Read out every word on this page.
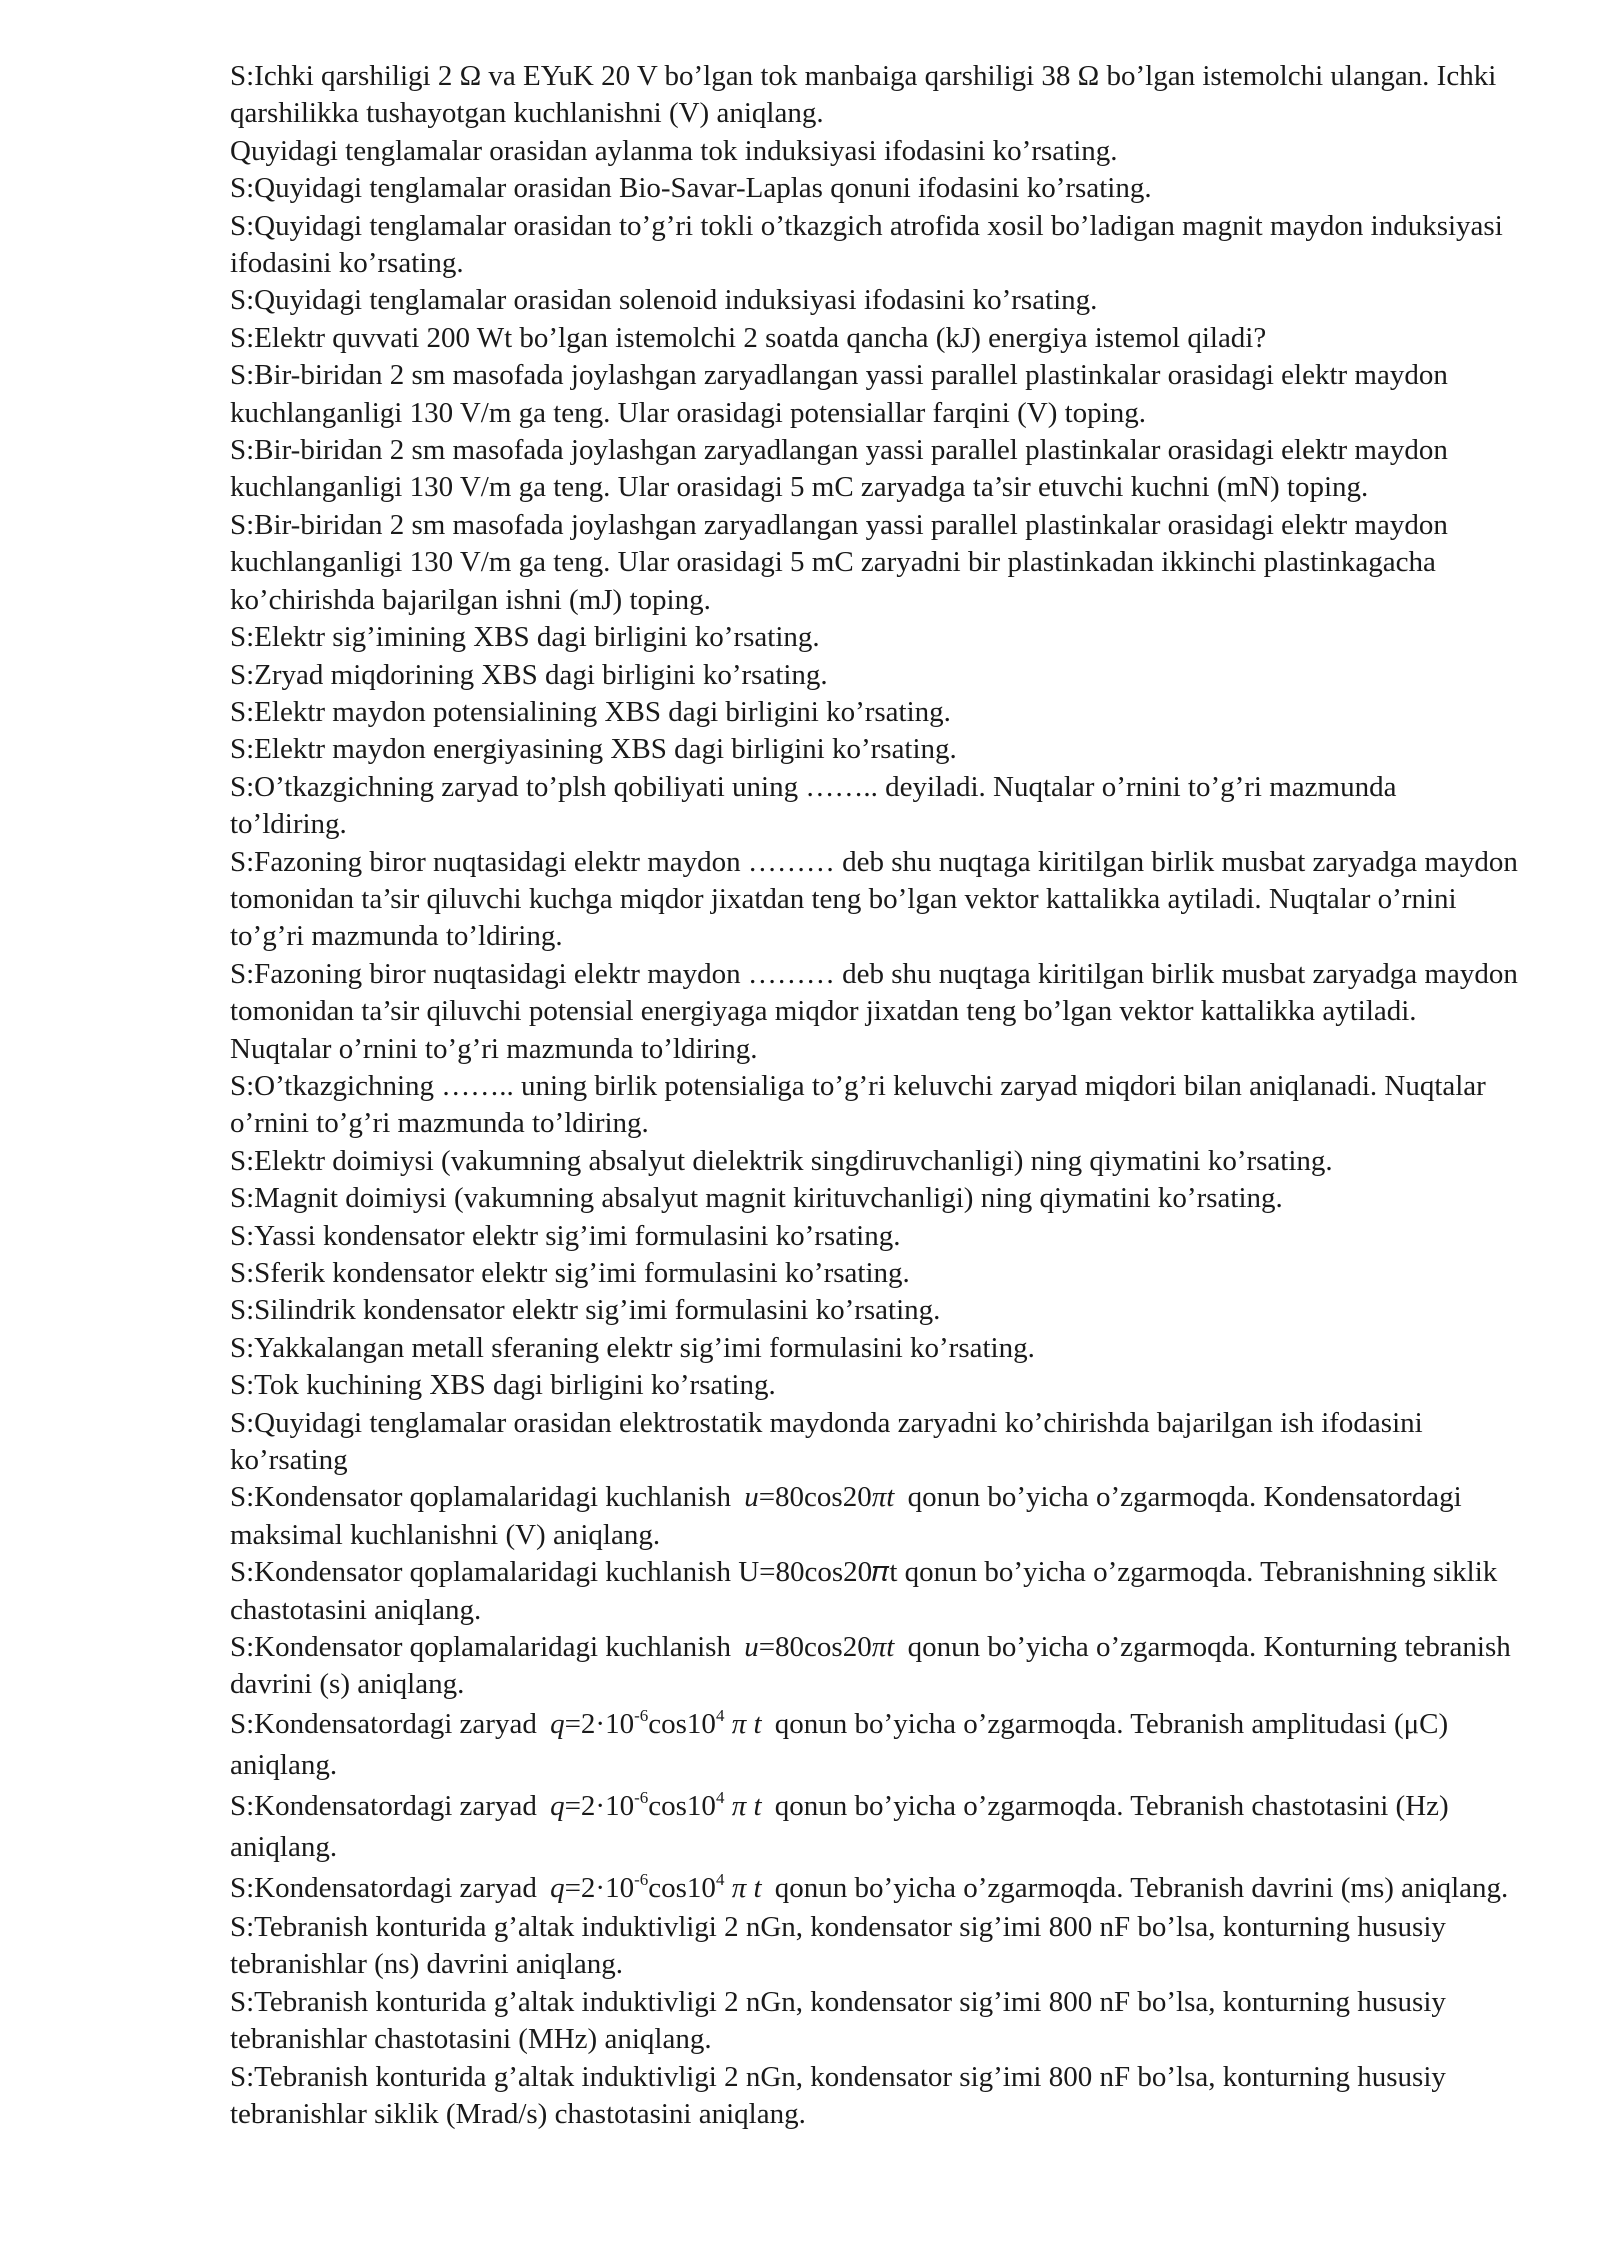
S:Ichki qarshiligi 2 Ω va EYuK 20 V bo’lgan tok manbaiga qarshiligi 38 Ω bo’lgan istemolchi ulangan. Ichki qarshilikka tushayotgan kuchlanishni (V) aniqlang.

Quyidagi tenglamalar orasidan aylanma tok induksiyasi ifodasini ko’rsating.

S:Quyidagi tenglamalar orasidan Bio-Savar-Laplas qonuni ifodasini ko’rsating.

S:Quyidagi tenglamalar orasidan to’g’ri tokli o’tkazgich atrofida xosil bo’ladigan magnit maydon induksiyasi ifodasini ko’rsating.

S:Quyidagi tenglamalar orasidan solenoid induksiyasi ifodasini ko’rsating.

S:Elektr quvvati 200 Wt bo’lgan istemolchi 2 soatda qancha (kJ) energiya istemol qiladi?

S:Bir-biridan 2 sm masofada joylashgan zaryadlangan yassi parallel plastinkalar orasidagi elektr maydon kuchlanganligi 130 V/m ga teng. Ular orasidagi potensiallar farqini (V) toping.

S:Bir-biridan 2 sm masofada joylashgan zaryadlangan yassi parallel plastinkalar orasidagi elektr maydon kuchlanganligi 130 V/m ga teng. Ular orasidagi 5 mC zaryadga ta’sir etuvchi kuchni (mN) toping.

S:Bir-biridan 2 sm masofada joylashgan zaryadlangan yassi parallel plastinkalar orasidagi elektr maydon kuchlanganligi 130 V/m ga teng. Ular orasidagi 5 mC zaryadni bir plastinkadan ikkinchi plastinkagacha ko’chirishda bajarilgan ishni (mJ) toping.

S:Elektr sig’imining XBS dagi birligini ko’rsating.

S:Zryad miqdorining XBS dagi birligini ko’rsating.

S:Elektr maydon potensialining XBS dagi birligini ko’rsating.

S:Elektr maydon energiyasining XBS dagi birligini ko’rsating.

S:O’tkazgichning zaryad to’plsh qobiliyati uning …….. deyiladi. Nuqtalar o’rnini to’g’ri mazmunda to’ldiring.

S:Fazoning biror nuqtasidagi elektr maydon ……… deb shu nuqtaga kiritilgan birlik musbat zaryadga maydon tomonidan ta’sir qiluvchi kuchga miqdor jixatdan teng bo’lgan vektor kattalikka aytiladi. Nuqtalar o’rnini to’g’ri mazmunda to’ldiring.

S:Fazoning biror nuqtasidagi elektr maydon ……… deb shu nuqtaga kiritilgan birlik musbat zaryadga maydon tomonidan ta’sir qiluvchi potensial energiyaga miqdor jixatdan teng bo’lgan vektor kattalikka aytiladi. Nuqtalar o’rnini to’g’ri mazmunda to’ldiring.

S:O’tkazgichning …….. uning birlik potensialiga to’g’ri keluvchi zaryad miqdori bilan aniqlanadi. Nuqtalar o’rnini to’g’ri mazmunda to’ldiring.

S:Elektr doimiysi (vakumning absalyut dielektrik singdiruvchanligi) ning qiymatini ko’rsating.

S:Magnit doimiysi (vakumning absalyut magnit kirituvchanligi) ning qiymatini ko’rsating.

S:Yassi kondensator elektr sig’imi formulasini ko’rsating.

S:Sferik kondensator elektr sig’imi formulasini ko’rsating.

S:Silindrik kondensator elektr sig’imi formulasini ko’rsating.

S:Yakkalangan metall sferaning elektr sig’imi formulasini ko’rsating.

S:Tok kuchining XBS dagi birligini ko’rsating.

S:Quyidagi tenglamalar orasidan elektrostatik maydonda zaryadni ko’chirishda bajarilgan ish ifodasini ko’rsating

S:Kondensator qoplamalaridagi kuchlanish u=80cos20πt qonun bo’yicha o’zgarmoqda. Kondensatordagi maksimal kuchlanishni (V) aniqlang.

S:Kondensator qoplamalaridagi kuchlanish U=80cos20𝜋t qonun bo’yicha o’zgarmoqda. Tebranishning siklik chastotasini aniqlang.

S:Kondensator qoplamalaridagi kuchlanish u=80cos20πt qonun bo’yicha o’zgarmoqda. Konturning tebranish davrini (s) aniqlang.

S:Kondensatordagi zaryad $q=2\cdot 10^{-6}\cos 10^4$ π t qonun bo’yicha o’zgarmoqda. Tebranish amplitudasi (μC) aniqlang.

S:Kondensatordagi zaryad $q=2\cdot 10^{-6}\cos 10^4$ π t qonun bo’yicha o’zgarmoqda. Tebranish chastotasini (Hz) aniqlang.

S:Kondensatordagi zaryad $q=2\cdot 10^{-6}\cos 10^4$ π t qonun bo’yicha o’zgarmoqda. Tebranish davrini (ms) aniqlang.

S:Tebranish konturida g’altak induktivligi 2 nGn, kondensator sig’imi 800 nF bo’lsa, konturning hususiy tebranishlar (ns) davrini aniqlang.

S:Tebranish konturida g’altak induktivligi 2 nGn, kondensator sig’imi 800 nF bo’lsa, konturning hususiy tebranishlar chastotasini (MHz) aniqlang.

S:Tebranish konturida g’altak induktivligi 2 nGn, kondensator sig’imi 800 nF bo’lsa, konturning hususiy tebranishlar siklik (Mrad/s) chastotasini aniqlang.
